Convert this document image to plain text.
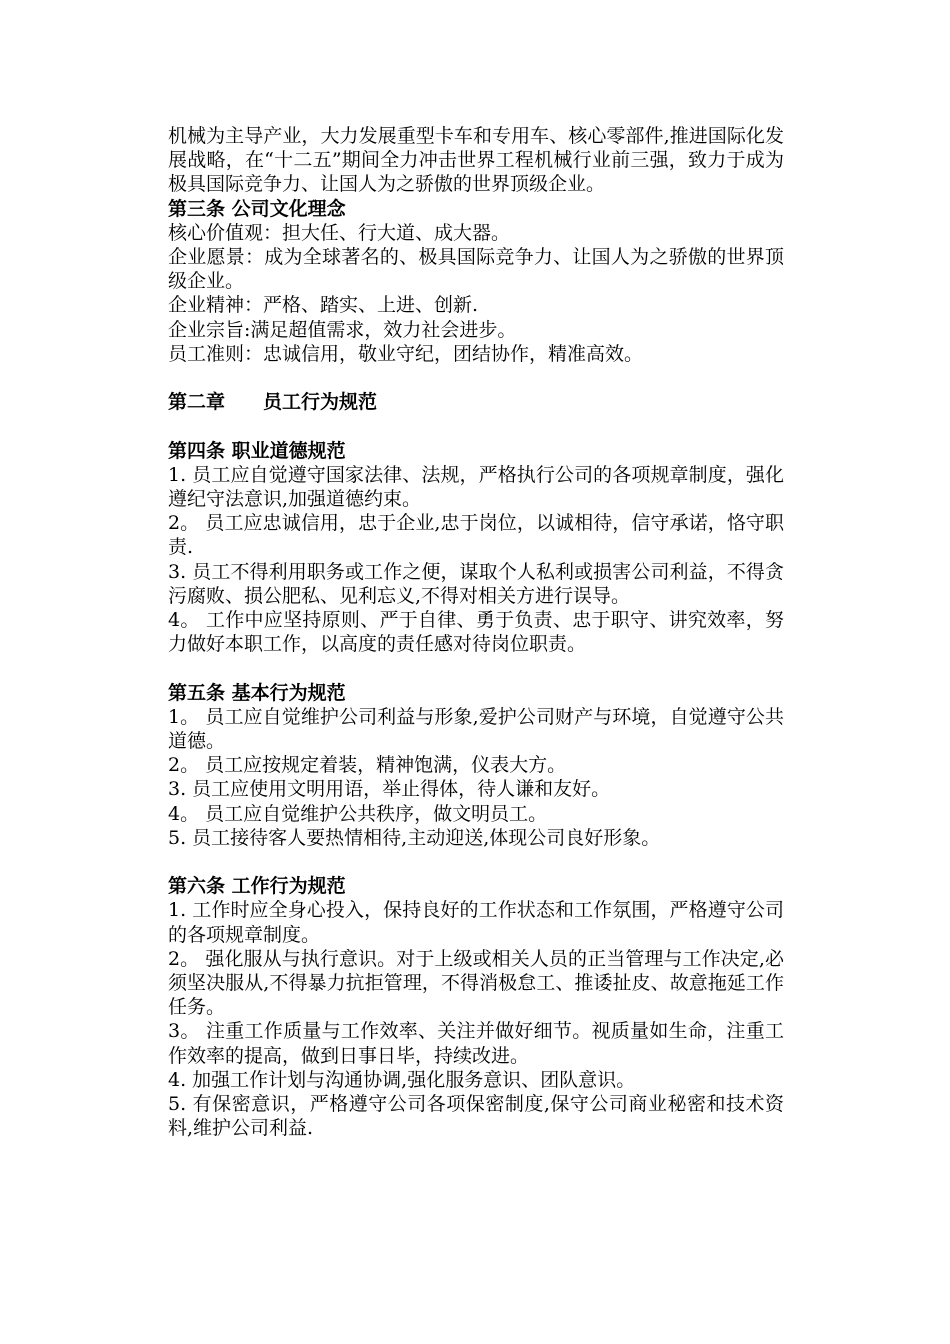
机械为主导产业，大力发展重型卡车和专用车、核心零部件,推进国际化发展战略，在“十二五”期间全力冲击世界工程机械行业前三强，致力于成为极具国际竞争力、让国人为之骄傲的世界顶级企业。

第三条 公司文化理念

核心价值观：担大任、行大道、成大器。

企业愿景：成为全球著名的、极具国际竞争力、让国人为之骄傲的世界顶级企业。

企业精神：严格、踏实、上进、创新.

企业宗旨:满足超值需求，效力社会进步。

员工准则：忠诚信用，敬业守纪，团结协作，精准高效。

第二章 员工行为规范

第四条 职业道德规范

1. 员工应自觉遵守国家法律、法规，严格执行公司的各项规章制度，强化遵纪守法意识,加强道德约束。

2。 员工应忠诚信用，忠于企业,忠于岗位，以诚相待，信守承诺，恪守职责.

3. 员工不得利用职务或工作之便，谋取个人私利或损害公司利益，不得贪污腐败、损公肥私、见利忘义,不得对相关方进行误导。

4。 工作中应坚持原则、严于自律、勇于负责、忠于职守、讲究效率，努力做好本职工作，以高度的责任感对待岗位职责。

第五条 基本行为规范

1。 员工应自觉维护公司利益与形象,爱护公司财产与环境，自觉遵守公共道德。

2。 员工应按规定着装，精神饱满，仪表大方。

3. 员工应使用文明用语，举止得体，待人谦和友好。

4。 员工应自觉维护公共秩序，做文明员工。

5. 员工接待客人要热情相待,主动迎送,体现公司良好形象。

第六条 工作行为规范

1. 工作时应全身心投入，保持良好的工作状态和工作氛围，严格遵守公司的各项规章制度。

2。 强化服从与执行意识。对于上级或相关人员的正当管理与工作决定,必须坚决服从,不得暴力抗拒管理，不得消极怠工、推诿扯皮、故意拖延工作任务。

3。 注重工作质量与工作效率、关注并做好细节。视质量如生命，注重工作效率的提高，做到日事日毕，持续改进。

4. 加强工作计划与沟通协调,强化服务意识、团队意识。

5. 有保密意识，严格遵守公司各项保密制度,保守公司商业秘密和技术资料,维护公司利益.
